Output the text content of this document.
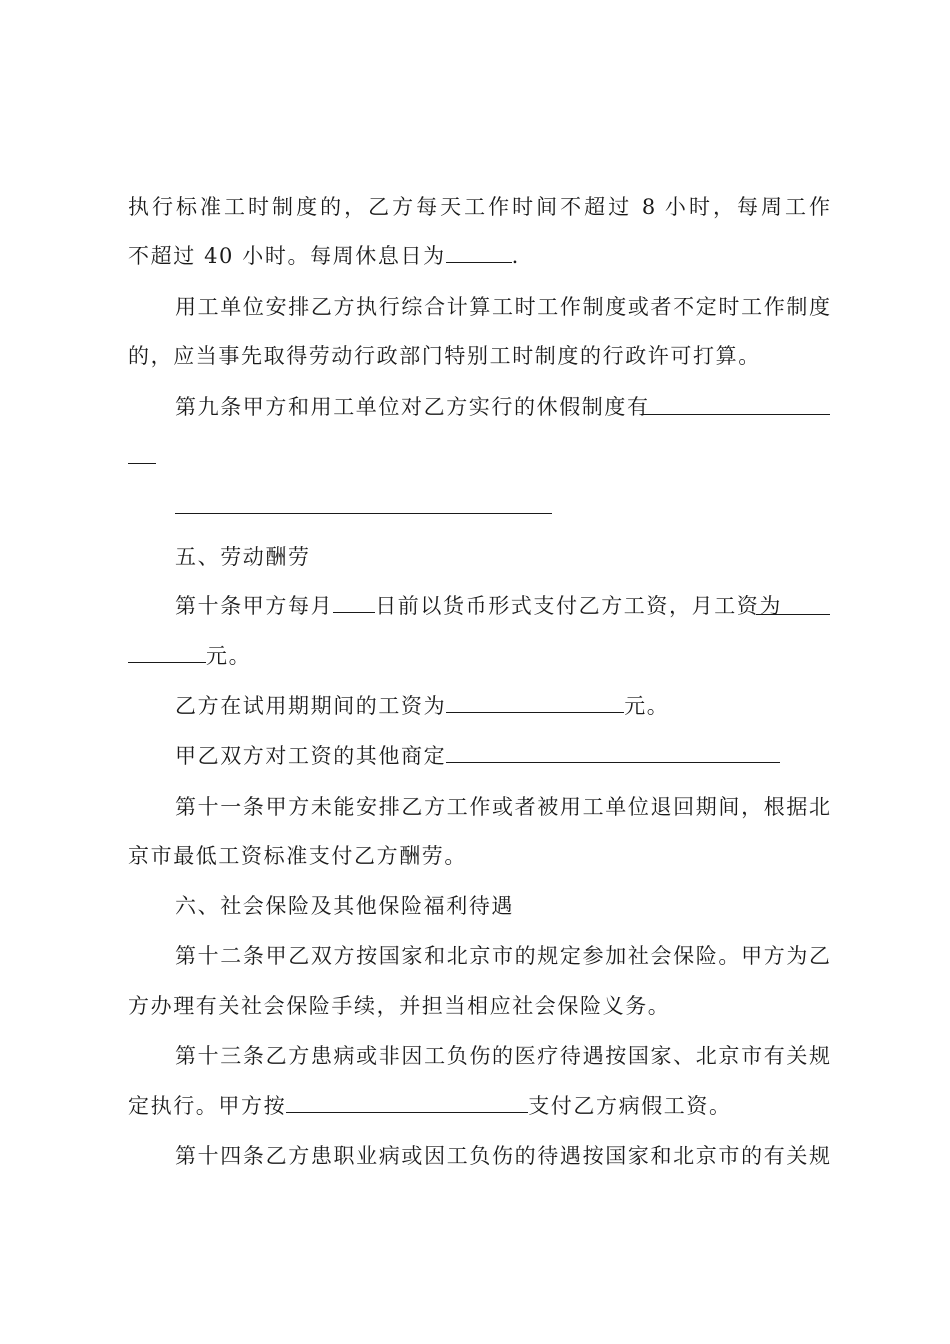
执行标准工时制度的，乙方每天工作时间不超过 8 小时，每周工作
不超过 40 小时。每周休息日为	.
用工单位安排乙方执行综合计算工时工作制度或者不定时工作制度
的，应当事先取得劳动行政部门特别工时制度的行政许可打算。
第九条甲方和用工单位对乙方实行的休假制度有
五、劳动酬劳
第十条甲方每月 日前以货币形式支付乙方工资，月工资为
元。
乙方在试用期期间的工资为	元。
甲乙双方对工资的其他商定
第十一条甲方未能安排乙方工作或者被用工单位退回期间，根据北
京市最低工资标准支付乙方酬劳。
六、社会保险及其他保险福利待遇
第十二条甲乙双方按国家和北京市的规定参加社会保险。甲方为乙
方办理有关社会保险手续，并担当相应社会保险义务。
第十三条乙方患病或非因工负伤的医疗待遇按国家、北京市有关规
定执行。甲方按	支付乙方病假工资。
第十四条乙方患职业病或因工负伤的待遇按国家和北京市的有关规
